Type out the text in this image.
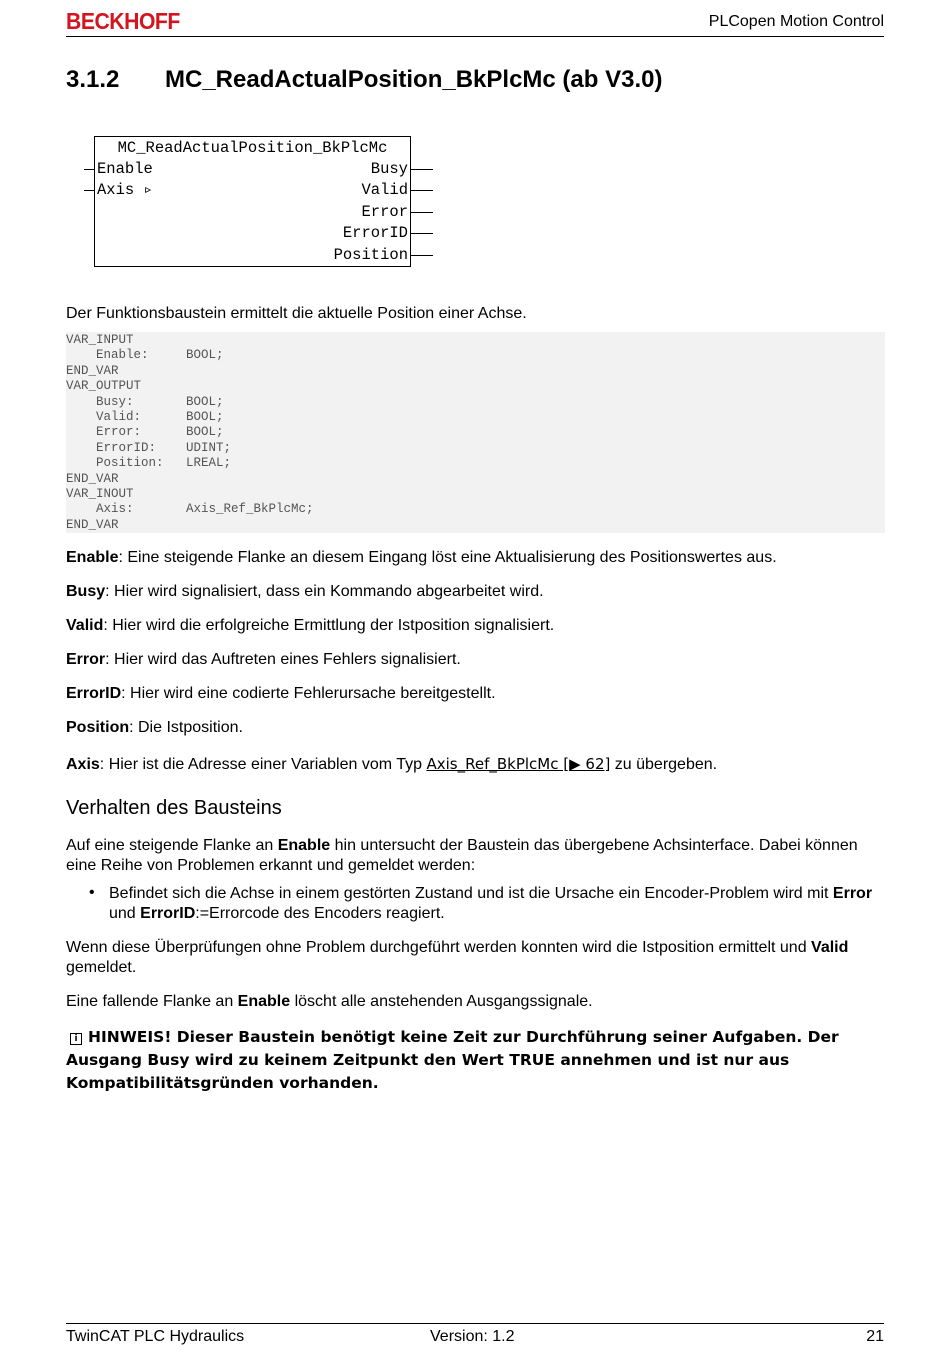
BECKHOFF	PLCopen Motion Control
3.1.2 MC_ReadActualPosition_BkPlcMc (ab V3.0)
MC_ReadActualPosition_BkPlcMc
Enable
Axis ▹
Busy
Valid
Error
ErrorID
Position
Der Funktionsbaustein ermittelt die aktuelle Position einer Achse.
VAR_INPUT
Enable:     BOOL;
END_VAR
VAR_OUTPUT
Busy:       BOOL;
Valid:      BOOL;
Error:      BOOL;
ErrorID:    UDINT;
Position:   LREAL;
END_VAR
VAR_INOUT
Axis:       Axis_Ref_BkPlcMc;
END_VAR
Enable: Eine steigende Flanke an diesem Eingang löst eine Aktualisierung des Positionswertes aus.
Busy: Hier wird signalisiert, dass ein Kommando abgearbeitet wird.
Valid: Hier wird die erfolgreiche Ermittlung der Istposition signalisiert.
Error: Hier wird das Auftreten eines Fehlers signalisiert.
ErrorID: Hier wird eine codierte Fehlerursache bereitgestellt.
Position: Die Istposition.
Axis: Hier ist die Adresse einer Variablen vom Typ Axis_Ref_BkPlcMc [▶ 62] zu übergeben.
Verhalten des Bausteins
Auf eine steigende Flanke an Enable hin untersucht der Baustein das übergebene Achsinterface. Dabei können eine Reihe von Problemen erkannt und gemeldet werden:
• Befindet sich die Achse in einem gestörten Zustand und ist die Ursache ein Encoder-Problem wird mit Error und ErrorID:=Errorcode des Encoders reagiert.
Wenn diese Überprüfungen ohne Problem durchgeführt werden konnten wird die Istposition ermittelt und Valid gemeldet.
Eine fallende Flanke an Enable löscht alle anstehenden Ausgangssignale.
i HINWEIS! Dieser Baustein benötigt keine Zeit zur Durchführung seiner Aufgaben. Der Ausgang Busy wird zu keinem Zeitpunkt den Wert TRUE annehmen und ist nur aus Kompatibilitätsgründen vorhanden.
TwinCAT PLC Hydraulics	Version: 1.2	21
